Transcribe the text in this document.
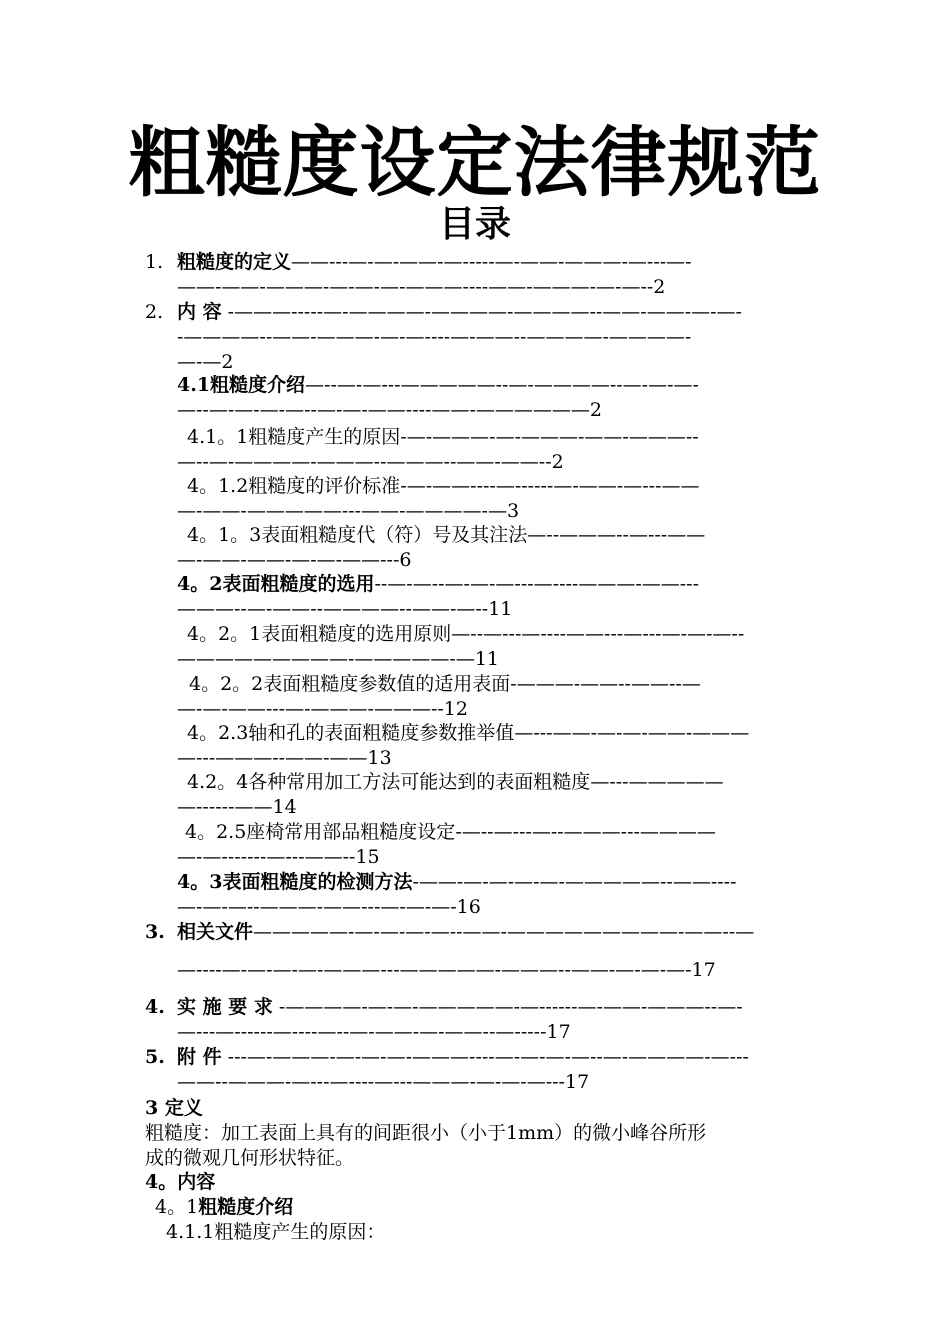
粗糙度设定法律规范
目录
1. 粗糙度的定义——---—-—-——-—-----—-——-———-—---—-
——-——-———-—-—-—-———----——-———-—-—--2
2. 内 容 -———-----—-————-————-————--——-——-—-—-
-————--——-———-—-—----—-——--————-————-
—-—2
4.1粗糙度介绍—--—-—---—————--—-————--—-—-—-
—--—-—-—-—--—-—-——----——-——————2
4.1。1粗糙度产生的原因-—-———-—-———-——-———--
—--—-————-———--———--——-——--2
4。1.2粗糙度的评价标准-—-——----—------—-——-—---——
—-——-—————---——-————-—3
4。1。3表面粗糙度代（符）号及其注法—--———--—---——
—-——-——-—-—-——---6
4。2表面粗糙度的选用--—-—--—-—-—---—----———-——---
———--—-——--————--——-—--11
4。2。1表面粗糙度的选用原则—--—---—----——---—---—-—-—--
—————————-—————-—11
4。2。2表面粗糙度参数值的适用表面-———-——--——--—
—-—-——---—-———-———--12
4。2.3轴和孔的表面粗糙度参数推举值—---——-—-—-——-———
—---———--——-——13
4.2。4各种常用加工方法可能达到的表面粗糙度—---—————
—------——14
4。2.5座椅常用部品粗糙度设定-—--—---—--———---————
—-—-------—---——--15
4。3表面粗糙度的检测方法-——-—-—-—-—-—————--——----
—-—-—--———-——---—-—-—-16
3. 相关文件—————-—-—-—-—--——-—————————-——--—
—----—-—-—-—-———---—————-———--——-—-—-—-17
4. 实 施 要 求 -————-—-—-—————-—------—-——-———--—-
—---—------—----—--—-——-—-——--—-----17
5. 附 件 ---—-———-—-—-—-———----—-—-—-—--—-————-—---
——--———-—---—----—---———-—-—-—---17
3 定义
粗糙度：加工表面上具有的间距很小（小于1mm）的微小峰谷所形
成的微观几何形状特征。
4。内容
4。1粗糙度介绍
4.1.1粗糙度产生的原因：
